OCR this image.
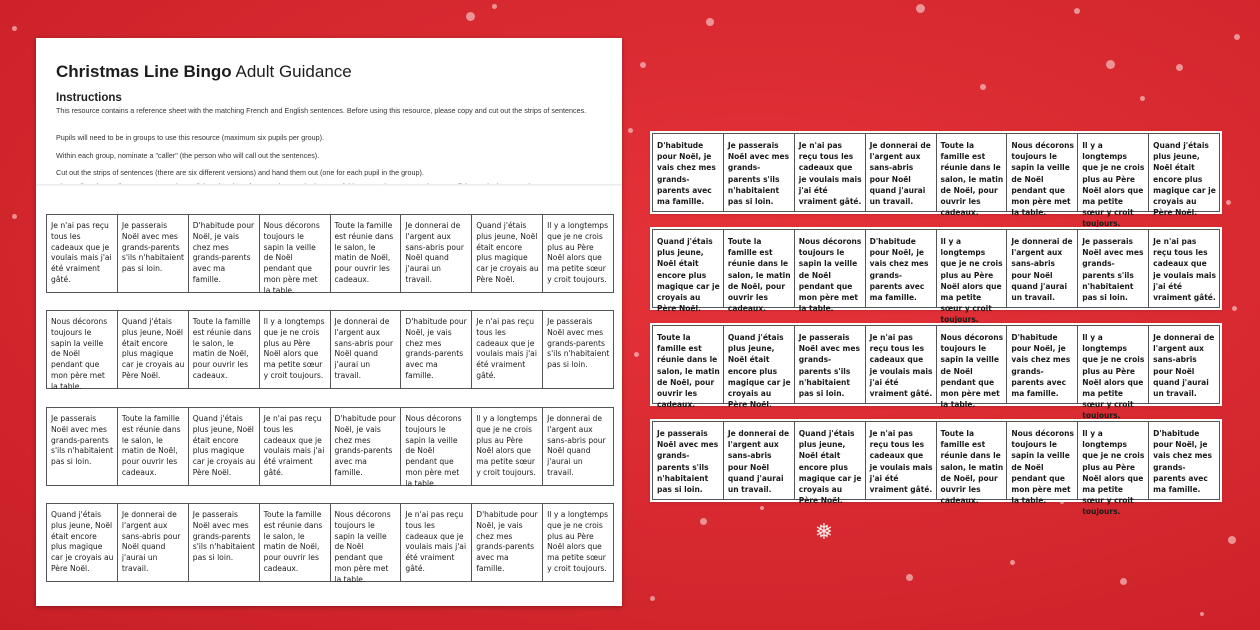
❅
Christmas Line Bingo Adult Guidance
Instructions
This resource contains a reference sheet with the matching French and English sentences. Before using this resource, please copy and cut out the strips of sentences.
Pupils will need to be in groups to use this resource (maximum six pupils per group).
Within each group, nominate a "caller" (the person who will call out the sentences).
Cut out the strips of sentences (there are six different versions) and hand them out (one for each pupil in the group).
Je n'ai pas reçu tous les cadeaux que je voulais mais j'ai été vraiment gâté.
Je passerais Noël avec mes grands-parents s'ils n'habitaient pas si loin.
D'habitude pour Noël, je vais chez mes grands-parents avec ma famille.
Nous décorons toujours le sapin la veille de Noël pendant que mon père met la table.
Toute la famille est réunie dans le salon, le matin de Noël, pour ouvrir les cadeaux.
Je donnerai de l'argent aux sans-abris pour Noël quand j'aurai un travail.
Quand j'étais plus jeune, Noël était encore plus magique car je croyais au Père Noël.
Il y a longtemps que je ne crois plus au Père Noël alors que ma petite sœur y croit toujours.
Nous décorons toujours le sapin la veille de Noël pendant que mon père met la table.
Quand j'étais plus jeune, Noël était encore plus magique car je croyais au Père Noël.
Toute la famille est réunie dans le salon, le matin de Noël, pour ouvrir les cadeaux.
Il y a longtemps que je ne crois plus au Père Noël alors que ma petite sœur y croit toujours.
Je donnerai de l'argent aux sans-abris pour Noël quand j'aurai un travail.
D'habitude pour Noël, je vais chez mes grands-parents avec ma famille.
Je n'ai pas reçu tous les cadeaux que je voulais mais j'ai été vraiment gâté.
Je passerais Noël avec mes grands-parents s'ils n'habitaient pas si loin.
Je passerais Noël avec mes grands-parents s'ils n'habitaient pas si loin.
Toute la famille est réunie dans le salon, le matin de Noël, pour ouvrir les cadeaux.
Quand j'étais plus jeune, Noël était encore plus magique car je croyais au Père Noël.
Je n'ai pas reçu tous les cadeaux que je voulais mais j'ai été vraiment gâté.
D'habitude pour Noël, je vais chez mes grands-parents avec ma famille.
Nous décorons toujours le sapin la veille de Noël pendant que mon père met la table.
Il y a longtemps que je ne crois plus au Père Noël alors que ma petite sœur y croit toujours.
Je donnerai de l'argent aux sans-abris pour Noël quand j'aurai un travail.
Quand j'étais plus jeune, Noël était encore plus magique car je croyais au Père Noël.
Je donnerai de l'argent aux sans-abris pour Noël quand j'aurai un travail.
Je passerais Noël avec mes grands-parents s'ils n'habitaient pas si loin.
Toute la famille est réunie dans le salon, le matin de Noël, pour ouvrir les cadeaux.
Nous décorons toujours le sapin la veille de Noël pendant que mon père met la table.
Je n'ai pas reçu tous les cadeaux que je voulais mais j'ai été vraiment gâté.
D'habitude pour Noël, je vais chez mes grands-parents avec ma famille.
Il y a longtemps que je ne crois plus au Père Noël alors que ma petite sœur y croit toujours.
D'habitude pour Noël, je vais chez mes grands-parents avec ma famille.
Je passerais Noël avec mes grands-parents s'ils n'habitaient pas si loin.
Je n'ai pas reçu tous les cadeaux que je voulais mais j'ai été vraiment gâté.
Je donnerai de l'argent aux sans-abris pour Noël quand j'aurai un travail.
Toute la famille est réunie dans le salon, le matin de Noël, pour ouvrir les cadeaux.
Nous décorons toujours le sapin la veille de Noël pendant que mon père met la table.
Il y a longtemps que je ne crois plus au Père Noël alors que ma petite sœur y croit toujours.
Quand j'étais plus jeune, Noël était encore plus magique car je croyais au Père Noël.
Quand j'étais plus jeune, Noël était encore plus magique car je croyais au Père Noël.
Toute la famille est réunie dans le salon, le matin de Noël, pour ouvrir les cadeaux.
Nous décorons toujours le sapin la veille de Noël pendant que mon père met la table.
D'habitude pour Noël, je vais chez mes grands-parents avec ma famille.
Il y a longtemps que je ne crois plus au Père Noël alors que ma petite sœur y croit toujours.
Je donnerai de l'argent aux sans-abris pour Noël quand j'aurai un travail.
Je passerais Noël avec mes grands-parents s'ils n'habitaient pas si loin.
Je n'ai pas reçu tous les cadeaux que je voulais mais j'ai été vraiment gâté.
Toute la famille est réunie dans le salon, le matin de Noël, pour ouvrir les cadeaux.
Quand j'étais plus jeune, Noël était encore plus magique car je croyais au Père Noël.
Je passerais Noël avec mes grands-parents s'ils n'habitaient pas si loin.
Je n'ai pas reçu tous les cadeaux que je voulais mais j'ai été vraiment gâté.
Nous décorons toujours le sapin la veille de Noël pendant que mon père met la table.
D'habitude pour Noël, je vais chez mes grands-parents avec ma famille.
Il y a longtemps que je ne crois plus au Père Noël alors que ma petite sœur y croit toujours.
Je donnerai de l'argent aux sans-abris pour Noël quand j'aurai un travail.
Je passerais Noël avec mes grands-parents s'ils n'habitaient pas si loin.
Je donnerai de l'argent aux sans-abris pour Noël quand j'aurai un travail.
Quand j'étais plus jeune, Noël était encore plus magique car je croyais au Père Noël.
Je n'ai pas reçu tous les cadeaux que je voulais mais j'ai été vraiment gâté.
Toute la famille est réunie dans le salon, le matin de Noël, pour ouvrir les cadeaux.
Nous décorons toujours le sapin la veille de Noël pendant que mon père met la table.
Il y a longtemps que je ne crois plus au Père Noël alors que ma petite sœur y croit toujours.
D'habitude pour Noël, je vais chez mes grands-parents avec ma famille.
